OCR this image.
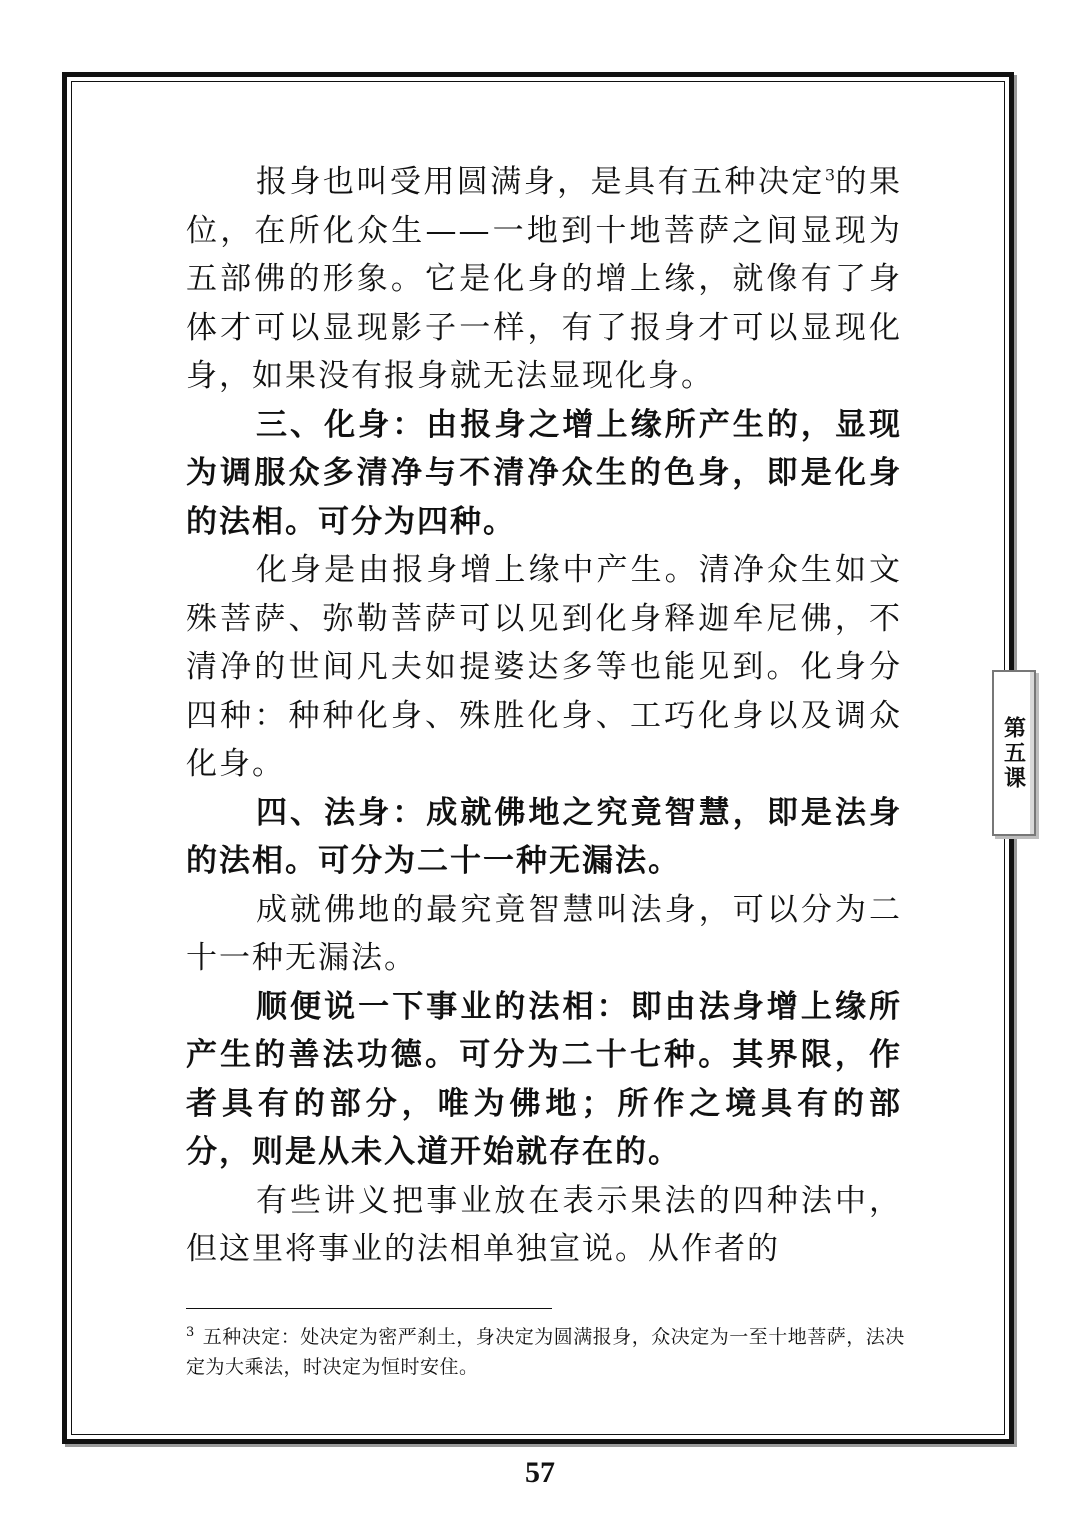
报身也叫受用圆满身，是具有五种决定$^3$的果位，在所化众生——一地到十地菩萨之间显现为五部佛的形象。它是化身的增上缘，就像有了身体才可以显现影子一样，有了报身才可以显现化身，如果没有报身就无法显现化身。

三、化身：由报身之增上缘所产生的，显现为调服众多清净与不清净众生的色身，即是化身的法相。可分为四种。

化身是由报身增上缘中产生。清净众生如文殊菩萨、弥勒菩萨可以见到化身释迦牟尼佛，不清净的世间凡夫如提婆达多等也能见到。化身分四种：种种化身、殊胜化身、工巧化身以及调众化身。

四、法身：成就佛地之究竟智慧，即是法身的法相。可分为二十一种无漏法。

成就佛地的最究竟智慧叫法身，可以分为二十一种无漏法。

顺便说一下事业的法相：即由法身增上缘所产生的善法功德。可分为二十七种。其界限，作者具有的部分，唯为佛地；所作之境具有的部分，则是从未入道开始就存在的。

有些讲义把事业放在表示果法的四种法中，但这里将事业的法相单独宣说。从作者的

$^3$ 五种决定：处决定为密严刹土，身决定为圆满报身，众决定为一至十地菩萨，法决定为大乘法，时决定为恒时安住。
第五课
57
